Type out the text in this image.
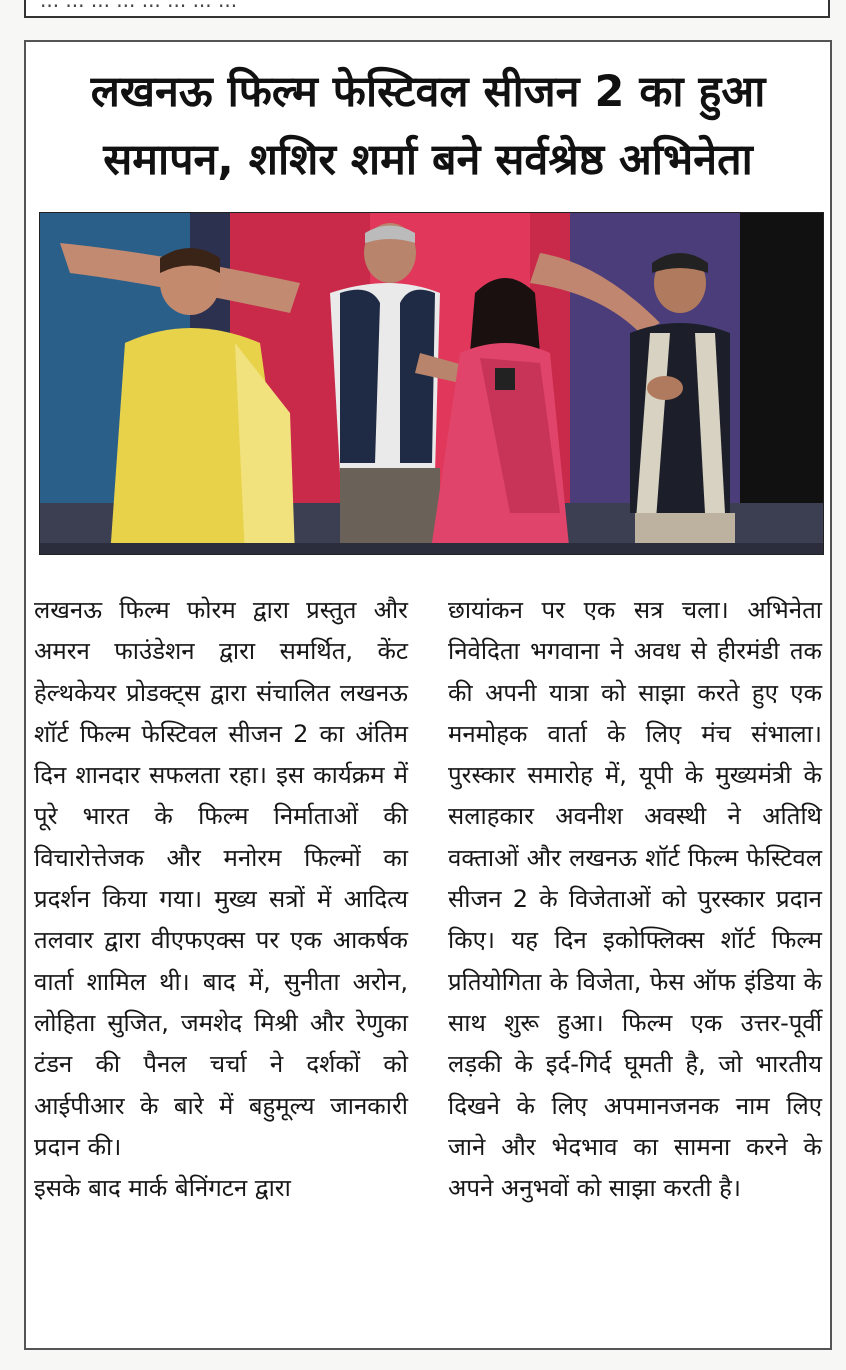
... ... ... ... ... ... ... ...
लखनऊ फिल्म फेस्टिवल सीजन 2 का हुआ समापन, शशिर शर्मा बने सर्वश्रेष्ठ अभिनेता

लखनऊ फिल्म फोरम द्वारा प्रस्तुत और अमरन फाउंडेशन द्वारा समर्थित, केंट हेल्थकेयर प्रोडक्ट्स द्वारा संचालित लखनऊ शॉर्ट फिल्म फेस्टिवल सीजन 2 का अंतिम दिन शानदार सफलता रहा। इस कार्यक्रम में पूरे भारत के फिल्म निर्माताओं की विचारोत्तेजक और मनोरम फिल्मों का प्रदर्शन किया गया। मुख्य सत्रों में आदित्य तलवार द्वारा वीएफएक्स पर एक आकर्षक वार्ता शामिल थी। बाद में, सुनीता अरोन, लोहिता सुजित, जमशेद मिश्री और रेणुका टंडन की पैनल चर्चा ने दर्शकों को आईपीआर के बारे में बहुमूल्य जानकारी प्रदान की।

इसके बाद मार्क बेनिंगटन द्वारा

छायांकन पर एक सत्र चला। अभिनेता निवेदिता भगवाना ने अवध से हीरमंडी तक की अपनी यात्रा को साझा करते हुए एक मनमोहक वार्ता के लिए मंच संभाला। पुरस्कार समारोह में, यूपी के मुख्यमंत्री के सलाहकार अवनीश अवस्थी ने अतिथि वक्ताओं और लखनऊ शॉर्ट फिल्म फेस्टिवल सीजन 2 के विजेताओं को पुरस्कार प्रदान किए। यह दिन इकोफ्लिक्स शॉर्ट फिल्म प्रतियोगिता के विजेता, फेस ऑफ इंडिया के साथ शुरू हुआ। फिल्म एक उत्तर-पूर्वी लड़की के इर्द-गिर्द घूमती है, जो भारतीय दिखने के लिए अपमानजनक नाम लिए जाने और भेदभाव का सामना करने के अपने अनुभवों को साझा करती है।
